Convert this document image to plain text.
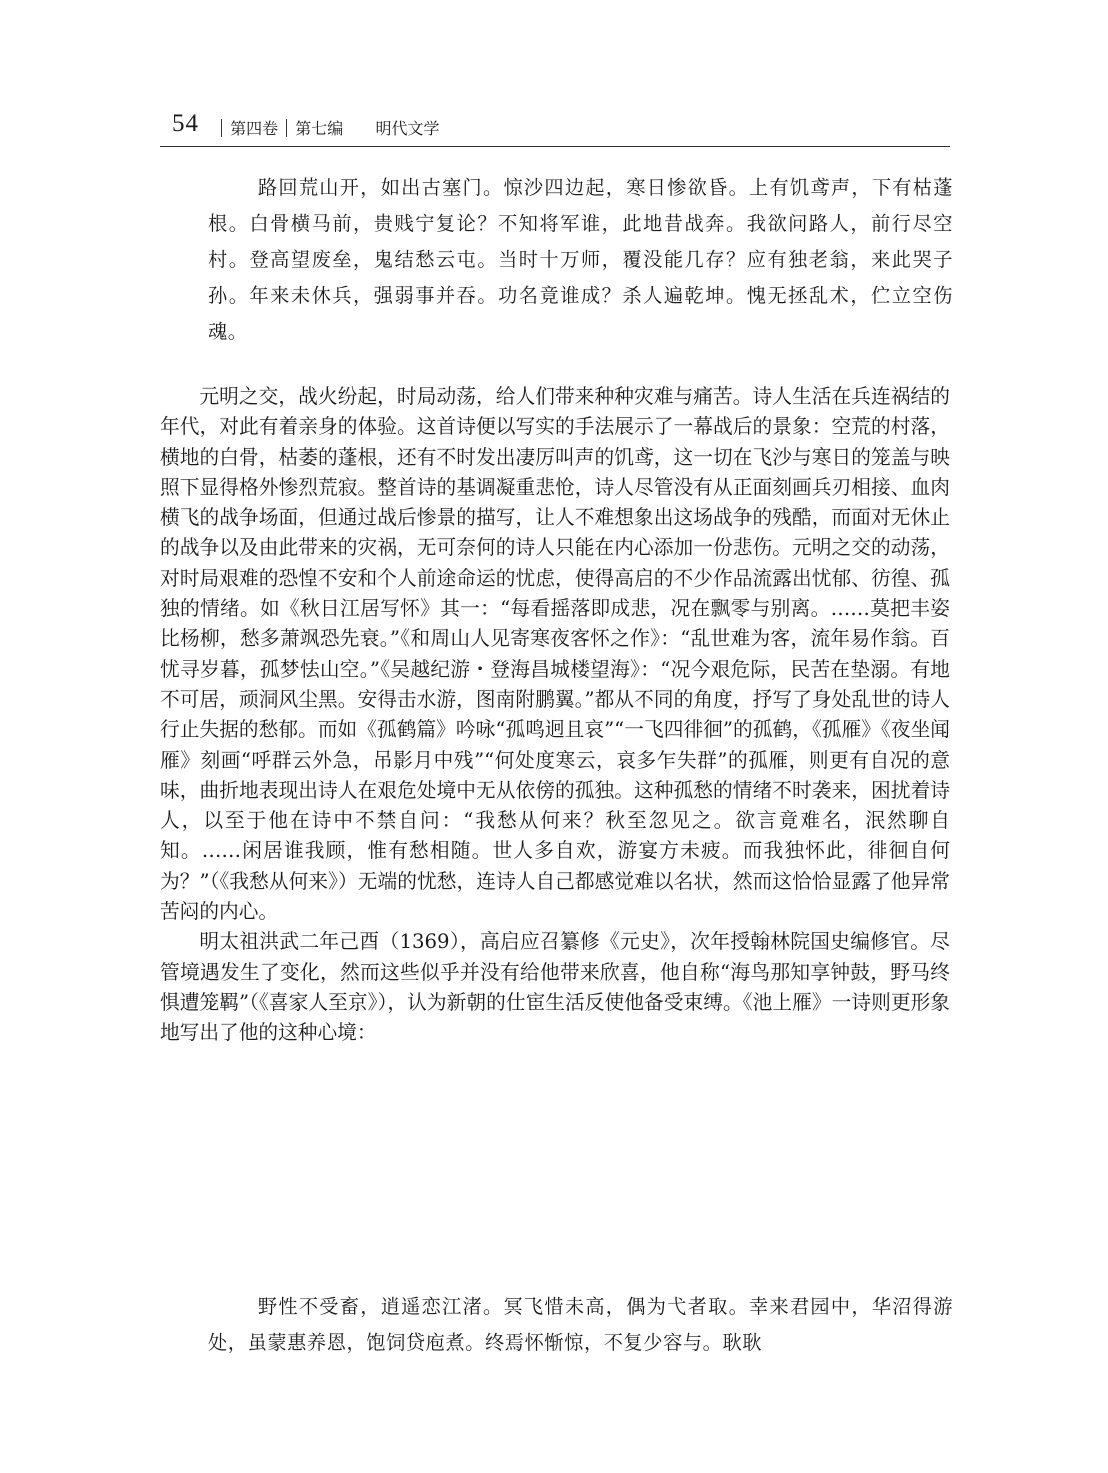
54	第四卷 第七编 明代文学

路回荒山开，如出古塞门。惊沙四边起，寒日惨欲昏。上有饥鸢声，下有枯蓬根。白骨横马前，贵贱宁复论？不知将军谁，此地昔战奔。我欲问路人，前行尽空村。登高望废垒，鬼结愁云屯。当时十万师，覆没能几存？应有独老翁，来此哭子孙。年来未休兵，强弱事并吞。功名竟谁成？杀人遍乾坤。愧无拯乱术，伫立空伤魂。

元明之交，战火纷起，时局动荡，给人们带来种种灾难与痛苦。诗人生活在兵连祸结的年代，对此有着亲身的体验。这首诗便以写实的手法展示了一幕战后的景象：空荒的村落，横地的白骨，枯萎的蓬根，还有不时发出凄厉叫声的饥鸢，这一切在飞沙与寒日的笼盖与映照下显得格外惨烈荒寂。整首诗的基调凝重悲怆，诗人尽管没有从正面刻画兵刃相接、血肉横飞的战争场面，但通过战后惨景的描写，让人不难想象出这场战争的残酷，而面对无休止的战争以及由此带来的灾祸，无可奈何的诗人只能在内心添加一份悲伤。元明之交的动荡，对时局艰难的恐惶不安和个人前途命运的忧虑，使得高启的不少作品流露出忧郁、彷徨、孤独的情绪。如《秋日江居写怀》其一：“每看摇落即成悲，况在飘零与别离。……莫把丰姿比杨柳，愁多萧飒恐先衰。”《和周山人见寄寒夜客怀之作》：“乱世难为客，流年易作翁。百忧寻岁暮，孤梦怯山空。”《吴越纪游・登海昌城楼望海》：“况今艰危际，民苦在垫溺。有地不可居，顽洞风尘黑。安得击水游，图南附鹏翼。”都从不同的角度，抒写了身处乱世的诗人行止失据的愁郁。而如《孤鹤篇》吟咏“孤鸣迥且哀”“一飞四徘徊”的孤鹤，《孤雁》《夜坐闻雁》刻画“呼群云外急，吊影月中残”“何处度寒云，哀多乍失群”的孤雁，则更有自况的意味，曲折地表现出诗人在艰危处境中无从依傍的孤独。这种孤愁的情绪不时袭来，困扰着诗人，以至于他在诗中不禁自问：“我愁从何来？秋至忽见之。欲言竟难名，泯然聊自知。……闲居谁我顾，惟有愁相随。世人多自欢，游宴方未疲。而我独怀此，徘徊自何为？”（《我愁从何来》）无端的忧愁，连诗人自己都感觉难以名状，然而这恰恰显露了他异常苦闷的内心。

明太祖洪武二年己酉（1369），高启应召纂修《元史》，次年授翰林院国史编修官。尽管境遇发生了变化，然而这些似乎并没有给他带来欣喜，他自称“海鸟那知享钟鼓，野马终惧遭笼羁”（《喜家人至京》），认为新朝的仕宦生活反使他备受束缚。《池上雁》一诗则更形象地写出了他的这种心境：

野性不受畜，逍遥恋江渚。冥飞惜未高，偶为弋者取。幸来君园中，华沼得游处，虽蒙惠养恩，饱饲贷庖煮。终焉怀惭惊，不复少容与。耿耿
